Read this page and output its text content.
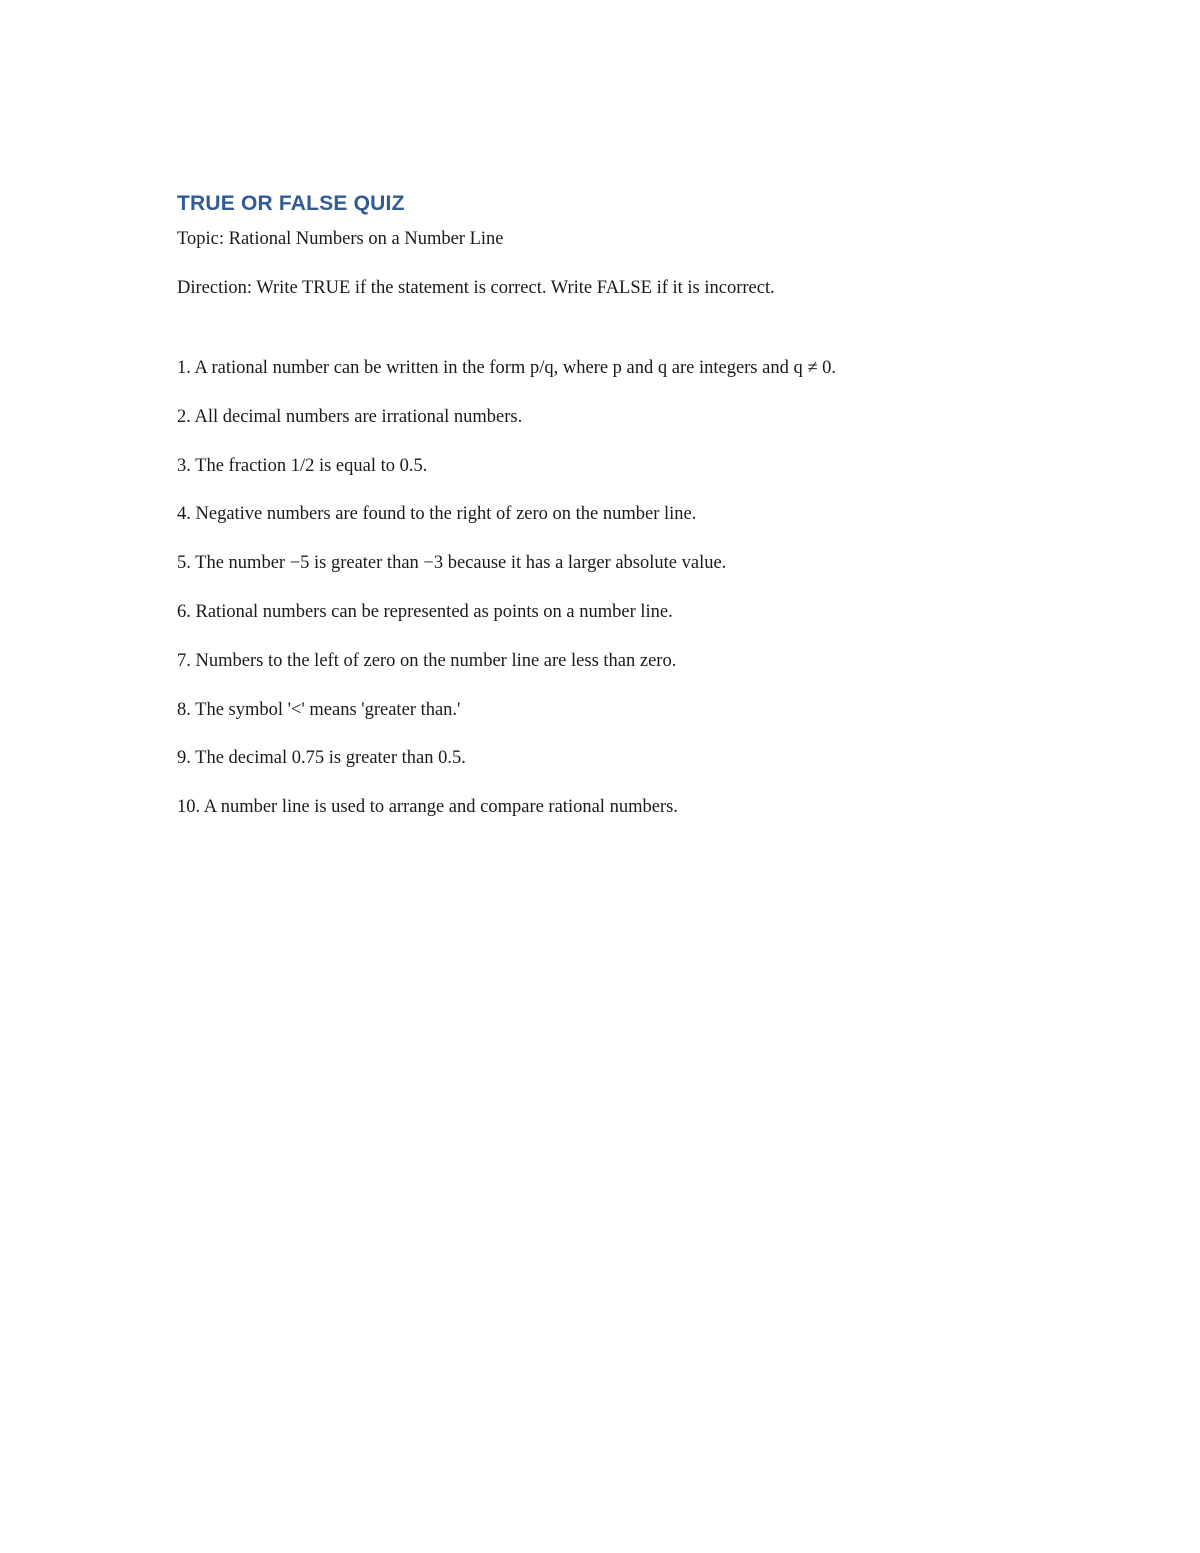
TRUE OR FALSE QUIZ
Topic: Rational Numbers on a Number Line
Direction: Write TRUE if the statement is correct. Write FALSE if it is incorrect.
1. A rational number can be written in the form p/q, where p and q are integers and q ≠ 0.
2. All decimal numbers are irrational numbers.
3. The fraction 1/2 is equal to 0.5.
4. Negative numbers are found to the right of zero on the number line.
5. The number −5 is greater than −3 because it has a larger absolute value.
6. Rational numbers can be represented as points on a number line.
7. Numbers to the left of zero on the number line are less than zero.
8. The symbol '<' means 'greater than.'
9. The decimal 0.75 is greater than 0.5.
10. A number line is used to arrange and compare rational numbers.
